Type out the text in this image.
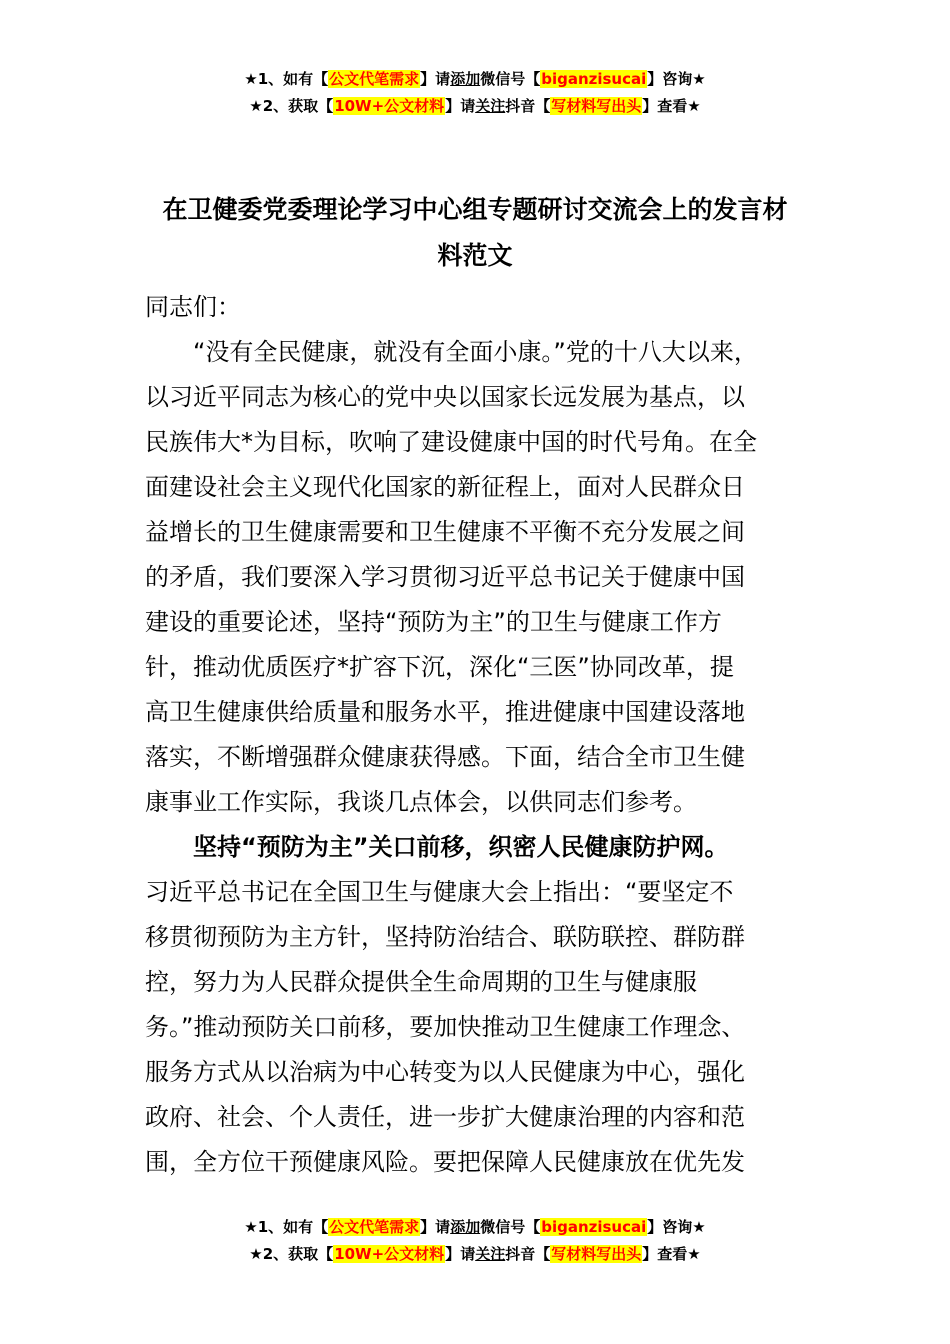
★1、如有【公文代笔需求】请添加微信号【biganzisucai】咨询★
★2、获取【10W+公文材料】请关注抖音【写材料写出头】查看★
在卫健委党委理论学习中心组专题研讨交流会上的发言材
料范文
同志们：
“没有全民健康，就没有全面小康。”党的十八大以来，
以习近平同志为核心的党中央以国家长远发展为基点，以
民族伟大*为目标，吹响了建设健康中国的时代号角。在全
面建设社会主义现代化国家的新征程上，面对人民群众日
益增长的卫生健康需要和卫生健康不平衡不充分发展之间
的矛盾，我们要深入学习贯彻习近平总书记关于健康中国
建设的重要论述，坚持“预防为主”的卫生与健康工作方
针，推动优质医疗*扩容下沉，深化“三医”协同改革，提
高卫生健康供给质量和服务水平，推进健康中国建设落地
落实，不断增强群众健康获得感。下面，结合全市卫生健
康事业工作实际，我谈几点体会，以供同志们参考。
坚持“预防为主”关口前移，织密人民健康防护网。
习近平总书记在全国卫生与健康大会上指出：“要坚定不
移贯彻预防为主方针，坚持防治结合、联防联控、群防群
控，努力为人民群众提供全生命周期的卫生与健康服
务。”推动预防关口前移，要加快推动卫生健康工作理念、
服务方式从以治病为中心转变为以人民健康为中心，强化
政府、社会、个人责任，进一步扩大健康治理的内容和范
围，全方位干预健康风险。要把保障人民健康放在优先发
★1、如有【公文代笔需求】请添加微信号【biganzisucai】咨询★
★2、获取【10W+公文材料】请关注抖音【写材料写出头】查看★
